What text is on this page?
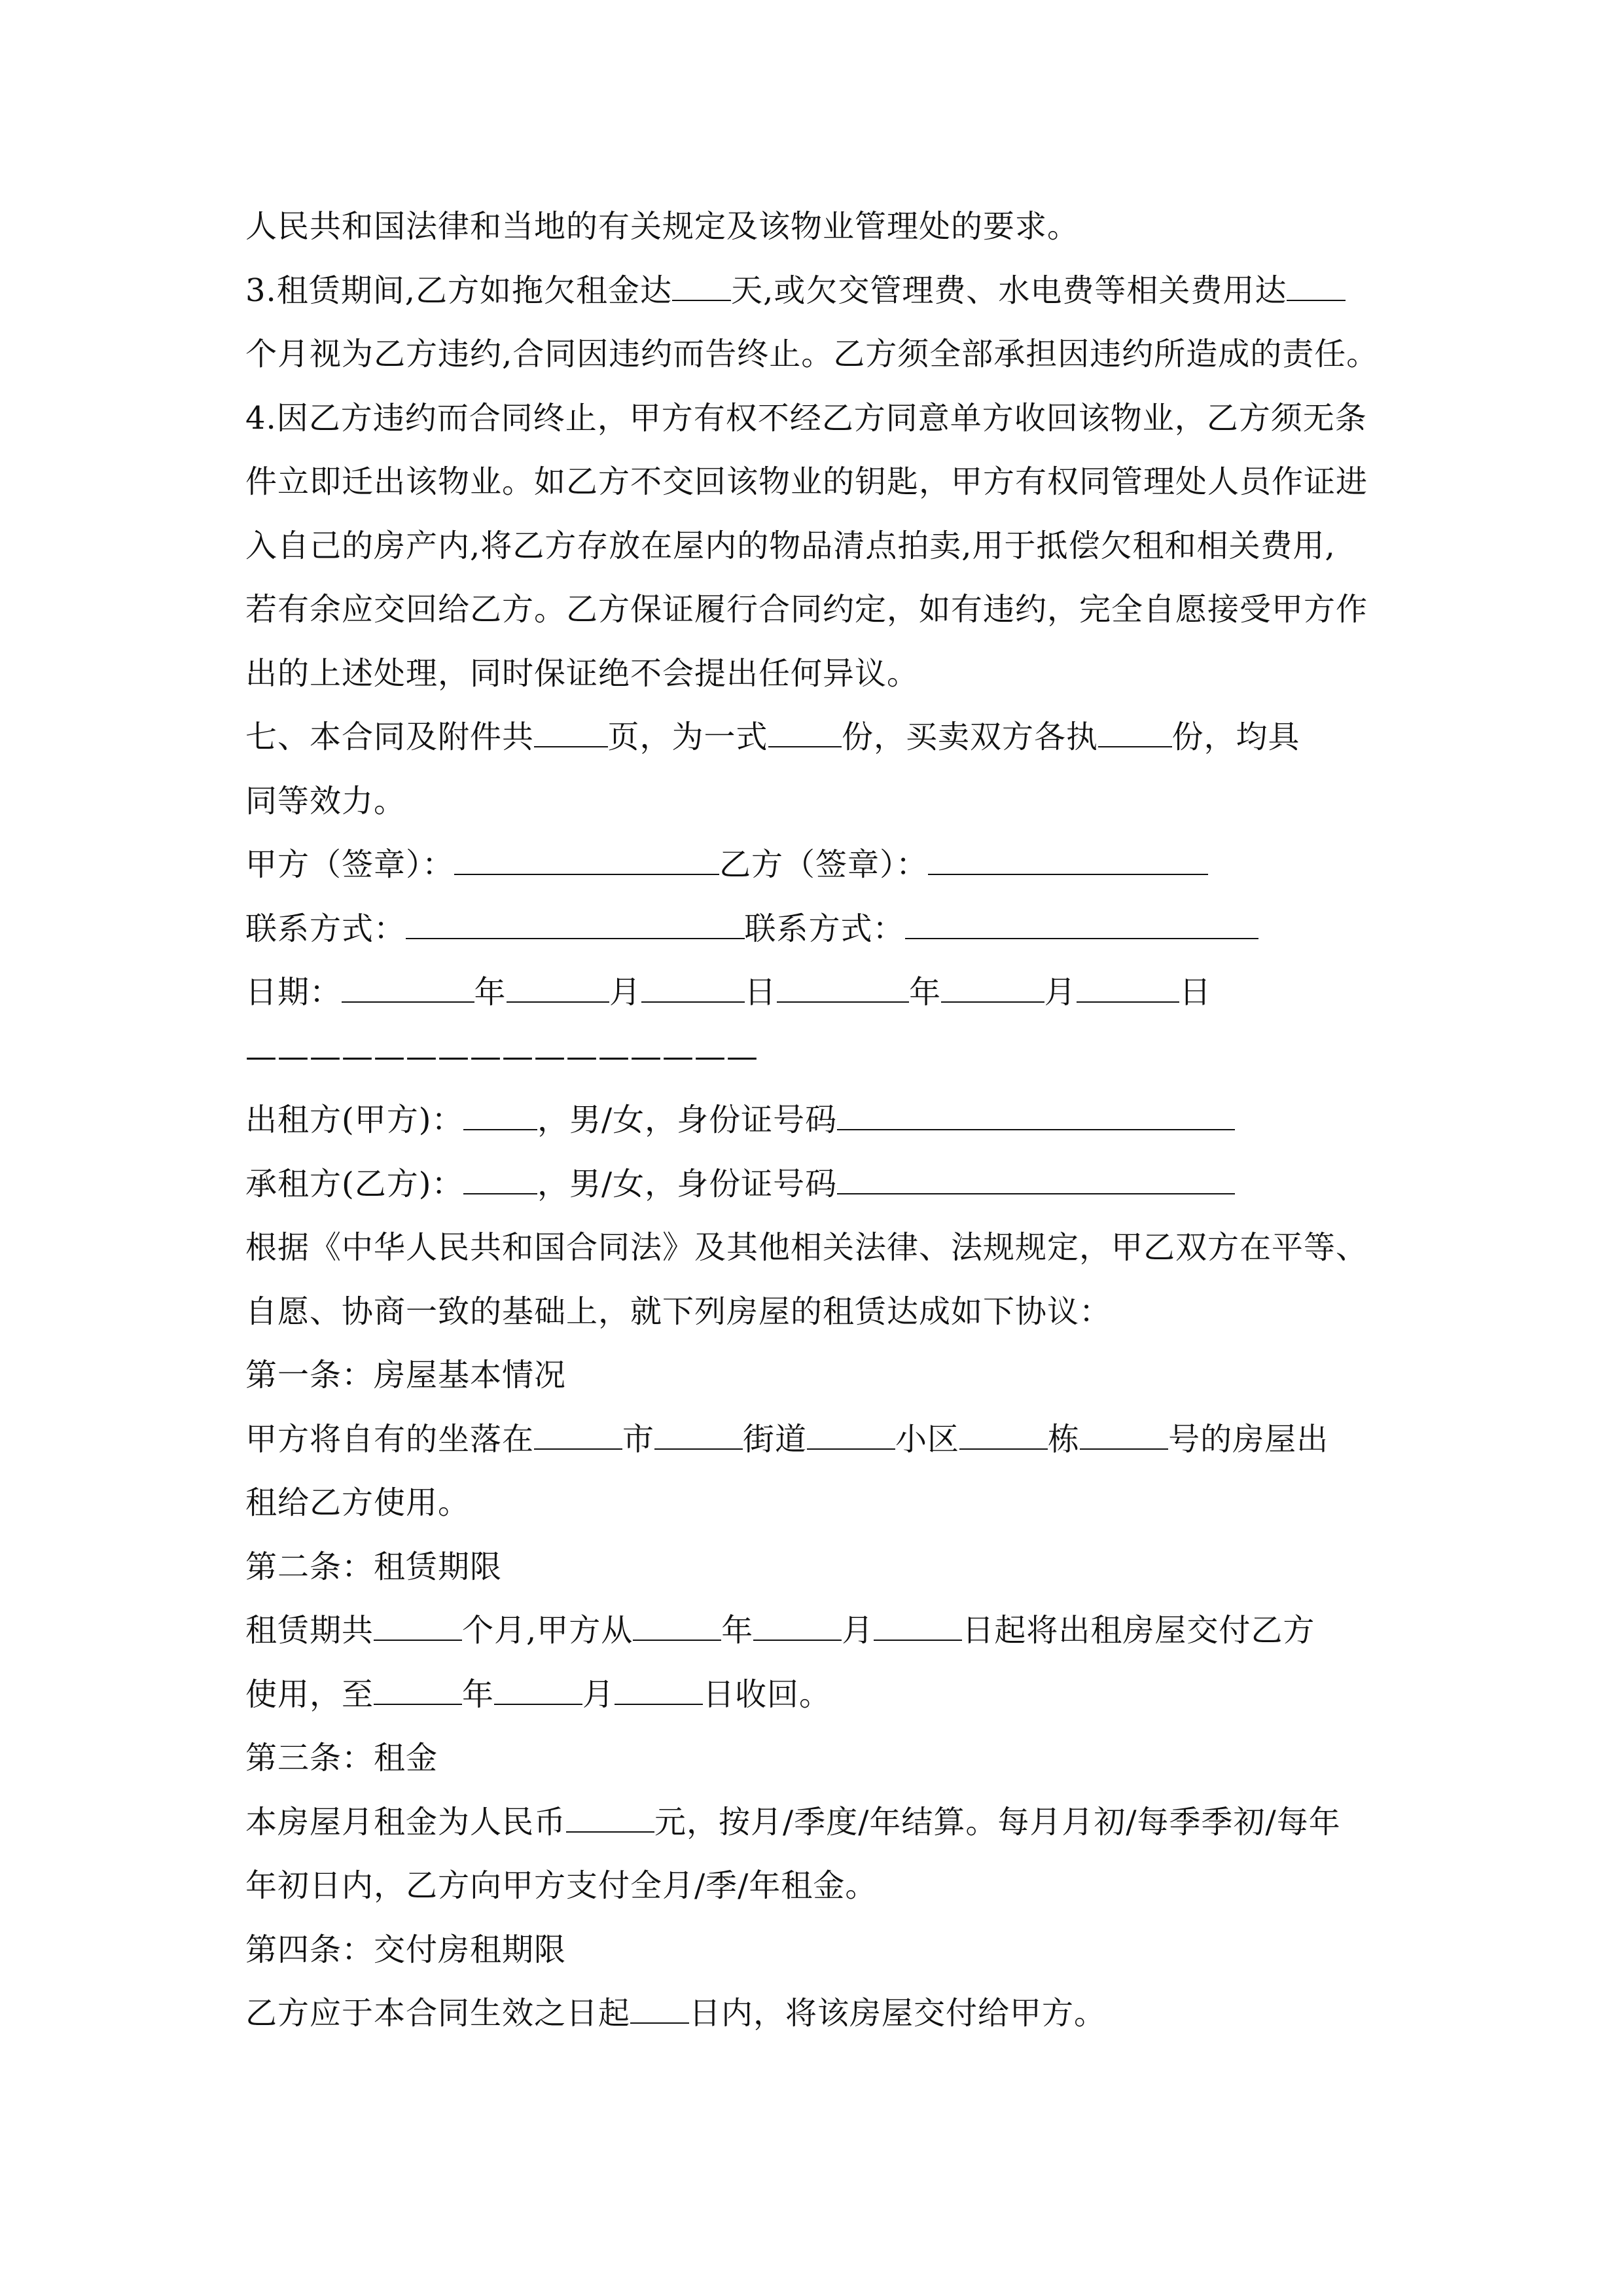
人民共和国法律和当地的有关规定及该物业管理处的要求。
3.租赁期间,乙方如拖欠租金达 天,或欠交管理费、水电费等相关费用达
个月视为乙方违约,合同因违约而告终止。乙方须全部承担因违约所造成的责任。
4.因乙方违约而合同终止，甲方有权不经乙方同意单方收回该物业，乙方须无条
件立即迁出该物业。如乙方不交回该物业的钥匙，甲方有权同管理处人员作证进
入自己的房产内,将乙方存放在屋内的物品清点拍卖,用于抵偿欠租和相关费用,
若有余应交回给乙方。乙方保证履行合同约定，如有违约，完全自愿接受甲方作
出的上述处理，同时保证绝不会提出任何异议。
七、本合同及附件共 页，为一式 份，买卖双方各执 份，均具
同等效力。
甲方（签章）：	乙方（签章）：
联系方式：	联系方式：
日期：	年	月	日	年	月	日
————————————————
出租方(甲方)： ，男/女，身份证号码
承租方(乙方)： ，男/女，身份证号码
根据《中华人民共和国合同法》及其他相关法律、法规规定，甲乙双方在平等、
自愿、协商一致的基础上，就下列房屋的租赁达成如下协议：
第一条：房屋基本情况
甲方将自有的坐落在	市	街道	小区	栋	号的房屋出
租给乙方使用。
第二条：租赁期限
租赁期共	个月,甲方从	年	月	日起将出租房屋交付乙方
使用，至	年	月	日收回。
第三条：租金
本房屋月租金为人民币	元，按月/季度/年结算。每月月初/每季季初/每年
年初日内，乙方向甲方支付全月/季/年租金。
第四条：交付房租期限
乙方应于本合同生效之日起 日内，将该房屋交付给甲方。
